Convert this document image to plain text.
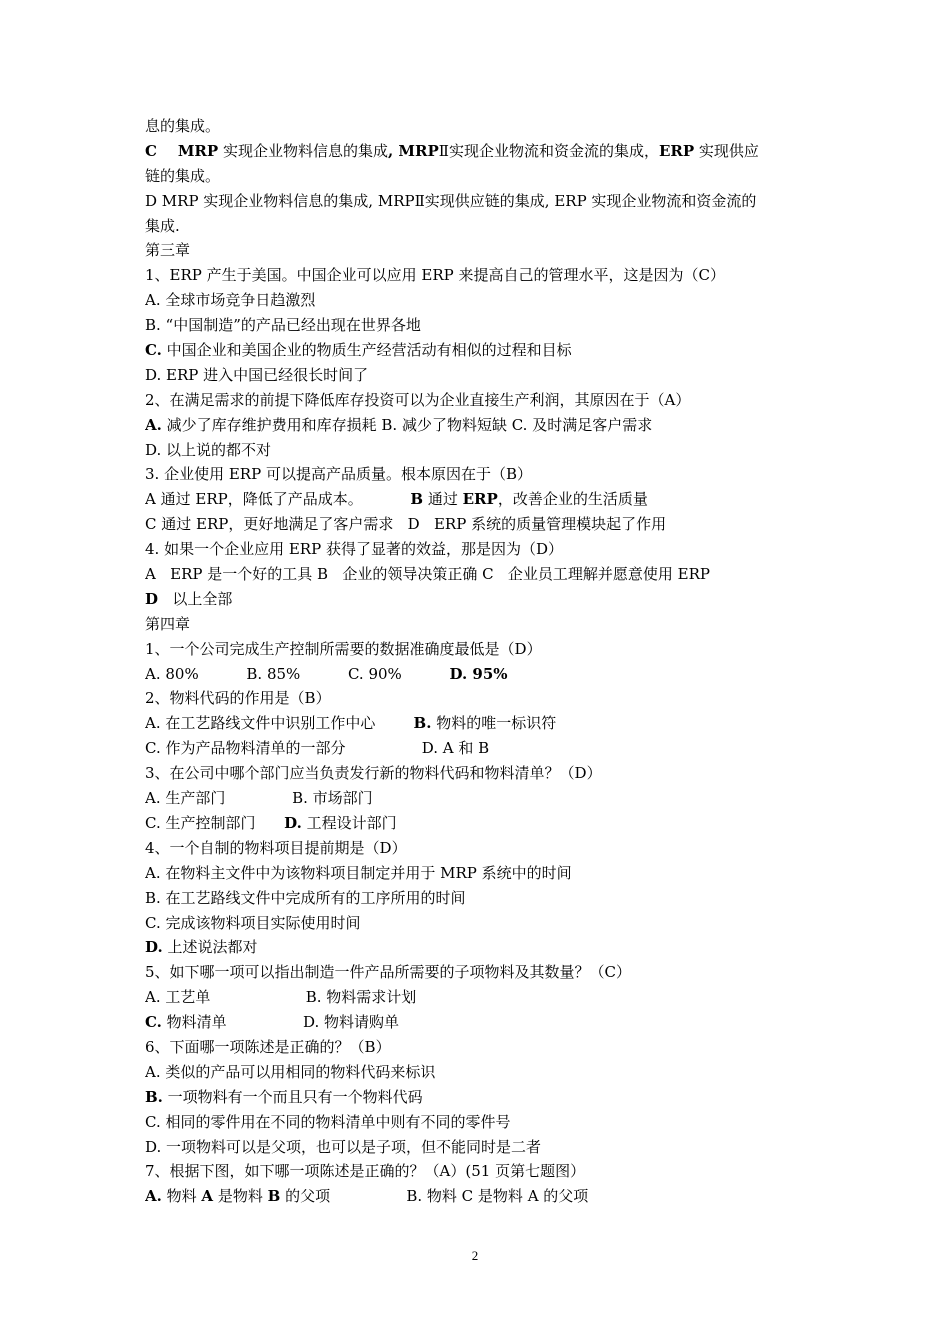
息的集成。
C    MRP 实现企业物料信息的集成, MRPⅡ实现企业物流和资金流的集成，ERP 实现供应
链的集成。
D MRP 实现企业物料信息的集成, MRPⅡ实现供应链的集成, ERP 实现企业物流和资金流的
集成.
第三章
1、ERP 产生于美国。中国企业可以应用 ERP 来提高自己的管理水平，这是因为（C）
A. 全球市场竞争日趋激烈
B. “中国制造”的产品已经出现在世界各地
C. 中国企业和美国企业的物质生产经营活动有相似的过程和目标
D. ERP 进入中国已经很长时间了
2、在满足需求的前提下降低库存投资可以为企业直接生产利润，其原因在于（A）
A. 减少了库存维护费用和库存损耗 B. 减少了物料短缺 C. 及时满足客户需求
D. 以上说的都不对
3. 企业使用 ERP 可以提高产品质量。根本原因在于（B）
A 通过 ERP，降低了产品成本。          B 通过 ERP，改善企业的生活质量
C 通过 ERP，更好地满足了客户需求   D   ERP 系统的质量管理模块起了作用
4. 如果一个企业应用 ERP 获得了显著的效益，那是因为（D）
A   ERP 是一个好的工具 B   企业的领导决策正确 C   企业员工理解并愿意使用 ERP
D   以上全部
第四章
1、一个公司完成生产控制所需要的数据准确度最低是（D）
A. 80%          B. 85%          C. 90%          D. 95%
2、物料代码的作用是（B）
A. 在工艺路线文件中识别工作中心        B. 物料的唯一标识符
C. 作为产品物料清单的一部分                D. A 和 B
3、在公司中哪个部门应当负责发行新的物料代码和物料清单？（D）
A. 生产部门              B. 市场部门
C. 生产控制部门      D. 工程设计部门
4、一个自制的物料项目提前期是（D）
A. 在物料主文件中为该物料项目制定并用于 MRP 系统中的时间
B. 在工艺路线文件中完成所有的工序所用的时间
C. 完成该物料项目实际使用时间
D. 上述说法都对
5、如下哪一项可以指出制造一件产品所需要的子项物料及其数量？（C）
A. 工艺单                    B. 物料需求计划
C. 物料清单                D. 物料请购单
6、下面哪一项陈述是正确的？（B）
A. 类似的产品可以用相同的物料代码来标识
B. 一项物料有一个而且只有一个物料代码
C. 相同的零件用在不同的物料清单中则有不同的零件号
D. 一项物料可以是父项，也可以是子项，但不能同时是二者
7、根据下图，如下哪一项陈述是正确的？（A）(51 页第七题图）
A. 物料 A 是物料 B 的父项                B. 物料 C 是物料 A 的父项
2
